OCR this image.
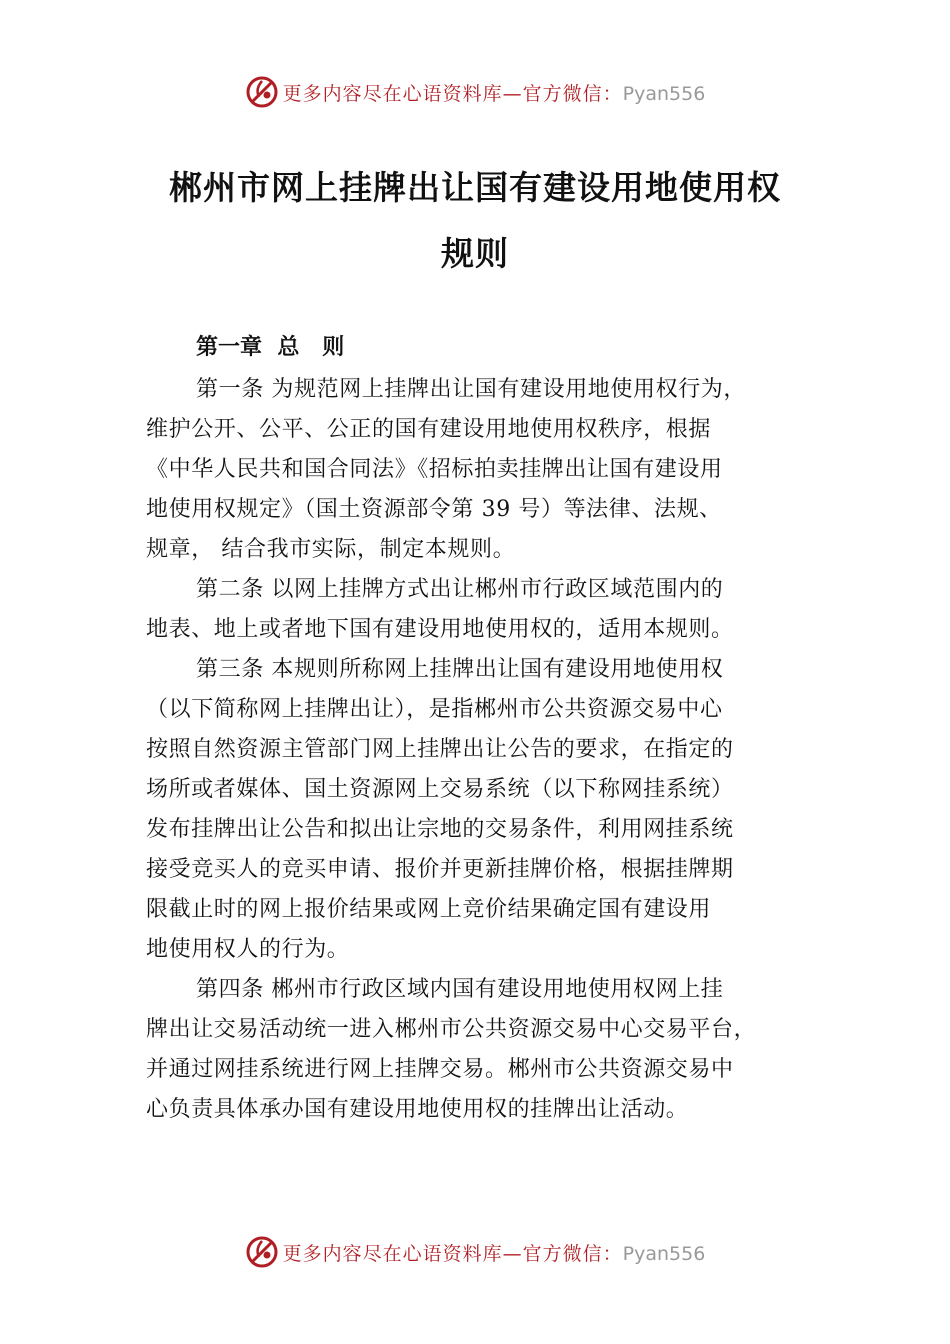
更多内容尽在心语资料库—官方微信：Pyan556
郴州市网上挂牌出让国有建设用地使用权
规则
第一章  总   则
第一条 为规范网上挂牌出让国有建设用地使用权行为，
维护公开、公平、公正的国有建设用地使用权秩序，根据
《中华人民共和国合同法》《招标拍卖挂牌出让国有建设用
地使用权规定》（国土资源部令第 39 号）等法律、法规、
规章， 结合我市实际，制定本规则。
第二条 以网上挂牌方式出让郴州市行政区域范围内的
地表、地上或者地下国有建设用地使用权的，适用本规则。
第三条 本规则所称网上挂牌出让国有建设用地使用权
（以下简称网上挂牌出让），是指郴州市公共资源交易中心
按照自然资源主管部门网上挂牌出让公告的要求，在指定的
场所或者媒体、国土资源网上交易系统（以下称网挂系统）
发布挂牌出让公告和拟出让宗地的交易条件，利用网挂系统
接受竞买人的竞买申请、报价并更新挂牌价格，根据挂牌期
限截止时的网上报价结果或网上竞价结果确定国有建设用
地使用权人的行为。
第四条 郴州市行政区域内国有建设用地使用权网上挂
牌出让交易活动统一进入郴州市公共资源交易中心交易平台，
并通过网挂系统进行网上挂牌交易。郴州市公共资源交易中
心负责具体承办国有建设用地使用权的挂牌出让活动。
更多内容尽在心语资料库—官方微信：Pyan556
